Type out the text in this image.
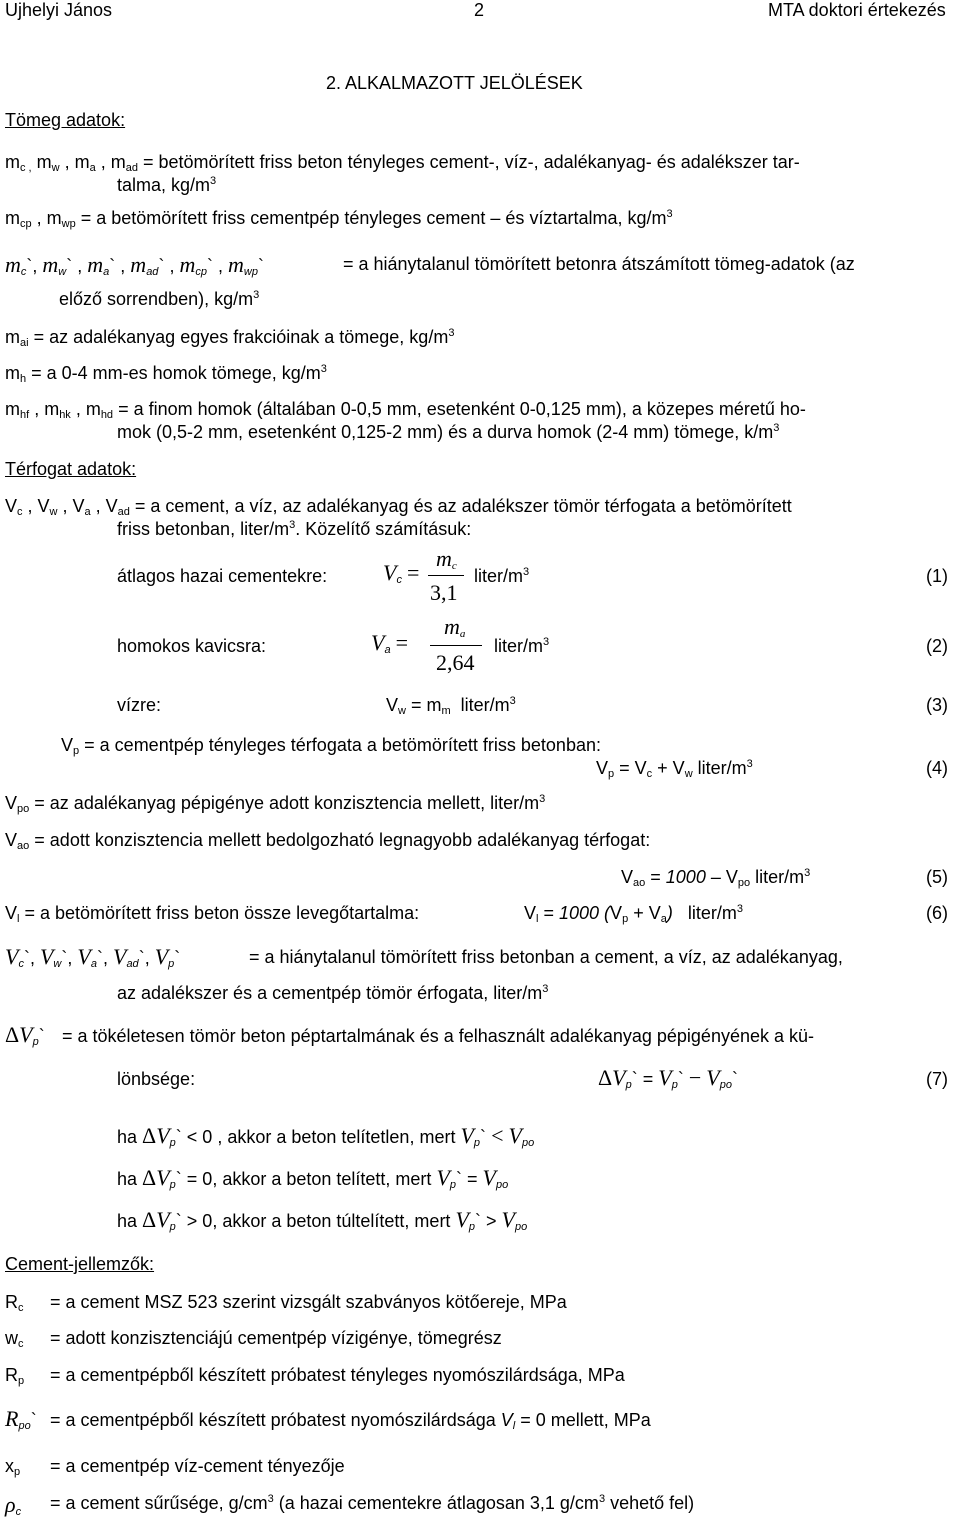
Ujhelyi János	2	MTA doktori értekezés
2. ALKALMAZOTT JELÖLÉSEK
Tömeg adatok:
$m_{c ,}$ $m_w$ , $m_a$ , $m_{ad}$ = betömörített friss beton tényleges cement-, víz-, adalékanyag- és adalékszer tar-
talma, $kg/m^3$
$m_{cp}$ , $m_{wp} = a$ betömörített friss cementpép tényleges cement – és víztartalma, $kg/m^3$
$m_c`$, $m_w`$ , $m_a`$ , $m_{ad}`$ , $m_{cp}`$ , $m_{wp}`$	= a hiánytalanul tömörített betonra átszámított tömeg-adatok (az
előző sorrendben), $kg/m^3$
$m_{ai}$ = az adalékanyag egyes frakcióinak a tömege, $kg/m^3$
$m_h = a$ 0-4 mm-es homok tömege, $kg/m^3$
$m_{hf}$ , $m_{hk}$ , $m_{hd} = a$ finom homok (általában 0-0,5 mm, esetenként 0-0,125 mm), a közepes méretű ho-
mok (0,5-2 mm, esetenként 0,125-2 mm) és a durva homok (2-4 mm) tömege, $k/m^3$
Térfogat adatok:
$V_c$ , $V_w$ , $V_a$ , $V_{ad} = a$ cement, a víz, az adalékanyag és az adalékszer tömör térfogata a betömörített
friss betonban, liter/$m^3$. Közelítő számításuk:
átlagos hazai cementekre:	$V_c$ =
$m_c$
3,1
liter/$m^3$	(1)
homokos kavicsra:	$V_a$ =
$m_a$
2,64
liter/$m^3$	(2)
vízre:	$V_w = m_m$ liter/$m^3$	(3)
$V_p = a$ cementpép tényleges térfogata a betömörített friss betonban:
$V_p = V_c + V_w$ liter/$m^3$	(4)
$V_{po}$ = az adalékanyag pépigénye adott konzisztencia mellett, liter/$m^3$
$V_{ao}$ = adott konzisztencia mellett bedolgozható legnagyobb adalékanyag térfogat:
$V_{ao} = 1000 - V_{po}$ liter/$m^3$	(5)
$V_l = a$ betömörített friss beton össze levegőtartalma:	$V_l = 1000$ $(V_p + V_a)$ liter/$m^3$	(6)
$V_c`$, $V_w`$, $V_a`$, $V_{ad}`$, $V_p`$	= a hiánytalanul tömörített friss betonban a cement, a víz, az adalékanyag,
az adalékszer és a cementpép tömör érfogata, liter/$m^3$
$\Delta V_p` = a$ tökéletesen tömör beton péptartalmának és a felhasznált adalékanyag pépigényének a kü-
lönbsége:	$\Delta V_p`$ = $V_p`$ − $V_{po}`$	(7)
ha $\Delta V_p` < 0$ , akkor a beton telítetlen, mert $V_p` < V_{po}$
ha $\Delta V_p` = 0$, akkor a beton telített, mert $V_p` = V_{po}$
ha $\Delta V_p` > 0$, akkor a beton túltelített, mert $V_p` > V_{po}$
Cement-jellemzők:
$R_c = a$ cement MSZ 523 szerint vizsgált szabványos kötőereje, MPa
$w_c$ = adott konzisztenciájú cementpép vízigénye, tömegrész
$R_p = a$ cementpépből készített próbatest tényleges nyomószilárdsága, MPa
$R_{po}` = a$ cementpépből készített próbatest nyomószilárdsága $V_l = 0$ mellett, MPa
$x_p = a$ cementpép víz-cement tényezője
$\rho_c = a$ cement sűrűsége, $g/cm^3$ (a hazai cementekre átlagosan 3,1 $g/cm^3$ vehető fel)
